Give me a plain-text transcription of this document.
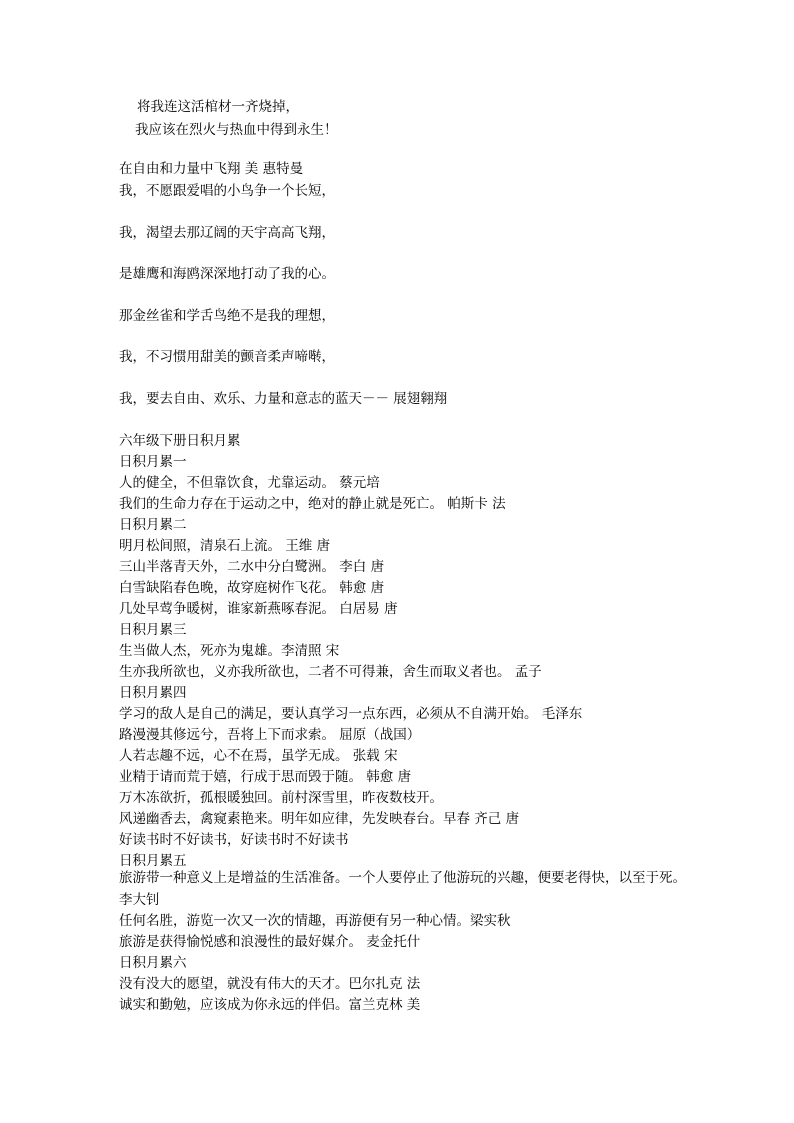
将我连这活棺材一齐烧掉，
我应该在烈火与热血中得到永生！
在自由和力量中飞翔 美 惠特曼
我，不愿跟爱唱的小鸟争一个长短，
我，渴望去那辽阔的天宇高高飞翔，
是雄鹰和海鸥深深地打动了我的心。
那金丝雀和学舌鸟绝不是我的理想，
我，不习惯用甜美的颤音柔声啼啭，
我，要去自由、欢乐、力量和意志的蓝天－－ 展翅翱翔
六年级下册日积月累
日积月累一
人的健全，不但靠饮食，尤靠运动。 蔡元培
我们的生命力存在于运动之中，绝对的静止就是死亡。 帕斯卡 法
日积月累二
明月松间照，清泉石上流。 王维 唐
三山半落青天外，二水中分白鹭洲。 李白 唐
白雪缺陷春色晚，故穿庭树作飞花。 韩愈 唐
几处早莺争暖树，谁家新燕啄春泥。 白居易 唐
日积月累三
生当做人杰，死亦为鬼雄。李清照 宋
生亦我所欲也，义亦我所欲也，二者不可得兼，舍生而取义者也。 孟子
日积月累四
学习的敌人是自己的满足，要认真学习一点东西，必须从不自满开始。 毛泽东
路漫漫其修远兮，吾将上下而求索。 屈原（战国）
人若志趣不远，心不在焉，虽学无成。 张载 宋
业精于请而荒于嬉，行成于思而毁于随。 韩愈 唐
万木冻欲折，孤根暖独回。前村深雪里，昨夜数枝开。
风递幽香去，禽窥素艳来。明年如应律，先发映春台。早春 齐己 唐
好读书时不好读书，好读书时不好读书
日积月累五
旅游带一种意义上是增益的生活准备。一个人要停止了他游玩的兴趣，便要老得快，以至于死。李大钊
任何名胜，游览一次又一次的情趣，再游便有另一种心情。梁实秋
旅游是获得愉悦感和浪漫性的最好媒介。 麦金托什
日积月累六
没有没大的愿望，就没有伟大的天才。巴尔扎克 法
诚实和勤勉，应该成为你永远的伴侣。富兰克林 美
